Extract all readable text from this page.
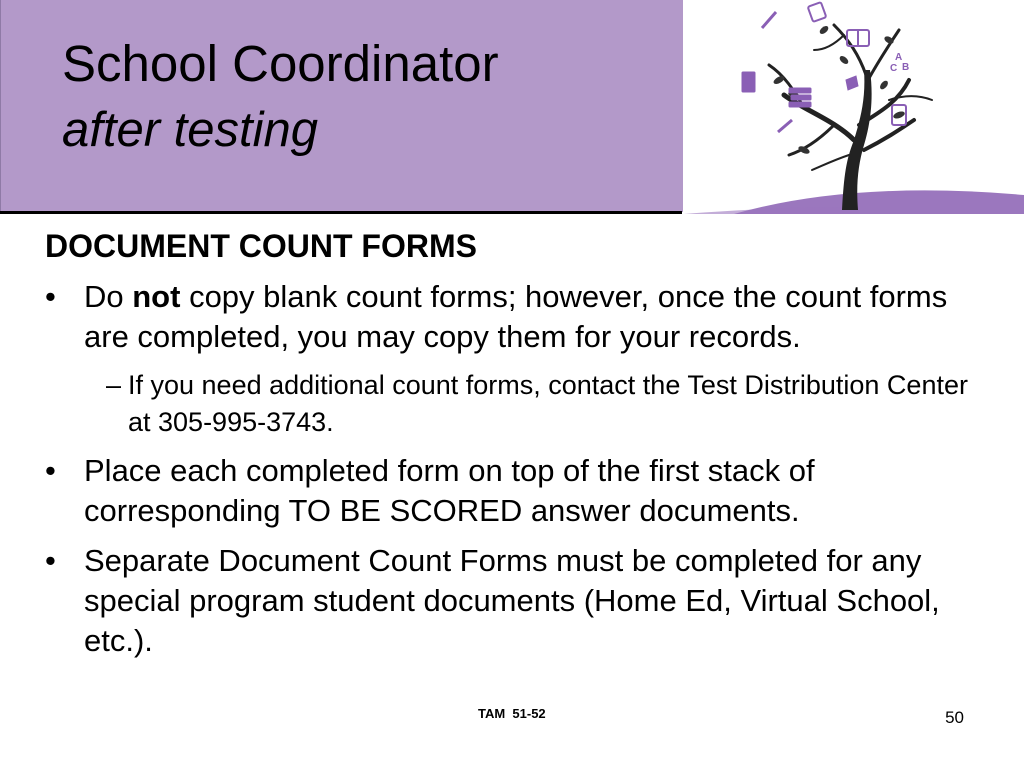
School Coordinator
after testing
A
C B

DOCUMENT COUNT FORMS

• Do not copy blank count forms; however, once the count forms are completed, you may copy them for your records.
– If you need additional count forms, contact the Test Distribution Center at 305-995-3743.
• Place each completed form on top of the first stack of corresponding TO BE SCORED answer documents.
• Separate Document Count Forms must be completed for any special program student documents (Home Ed, Virtual School, etc.).
TAM  51-52	50
